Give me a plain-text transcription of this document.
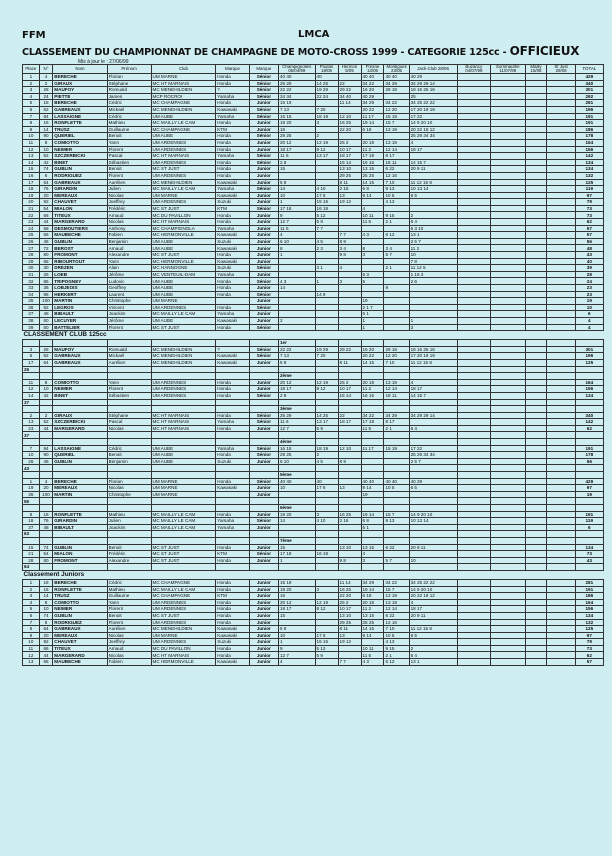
FFM	LMCA
CLASSEMENT DU CHAMPIONNAT DE CHAMPAGNE DE MOTO-CROSS 1999 - CATEGORIE 125cc - OFFICIEUX
Mis à jour le : 27/06/99
Place	N°	Nom	Prénom	Club	Marque	Marque	Champignolles 05/04/99	Poulan 18/05	Hermon 5/05	Fresne 13/05	Montigueil 23/05	Jack-Club 28/06	Buzancy 04/07/99	Sommauthe 11/07/99	Mailly 15/08	St Just 29/08	TOTAL
1	4	BERECHE	Florian	UM MARNE	Honda	Sénior	40 40	40		40 40	40 40	40 29					429
2	2	GIRAUX	Stéphane	MC HT MARNAIS	Honda	Sénior	25 29	14 25	22	34 22	34 29	34 29 29 14					340
3	28	MAUFOY	Romuald	MC MENEHILDIEN	?	Sénior	22 22	19 29	29 22	16 20	29 18	18 16 25 16					301
4	24	PIETTE	James	MCP ROCROI	Yamaha	Sénior	34 34	22 34	34 40	40 29		25					292
5	18	BERECHE	Cédric	MC CHAMPAGNE	Honda	Junior	15 19		11 14	34 29	34 22	34 25 22 22					281
6	62	GABREAUX	Mickaël	MC MENEHILDIEN	Kawasaki	Sénior	7 13	7 20		20 22	12 20	17 20 19 19					196
7	84	LASSAIGNE	Cédric	UM AUBE	Yamaha	Sénior	16 15	18 19	12 10	11 17	15 19	17 22					191
8	16	RONFLETTE	Mathieu	MC MAILLY LE CAM	Honda	Junior	19 20	3	16 25	19 14	15 7	14 9 20 10					191
9	14	TRUSZ	Guillaume	MC CHAMPAGNE	KTM	Junior	16		22 20	6 18	13 19	20 22 18 12					186
10	90	QUERIEL	Benoit	UM AUBE	Honda	Sénior	29 25	2				25 29 34 34					178
11	8	COMIOTTO	Yann	UM ARDENNES	Honda	Junior	20 12	12 19	25 2	20 18	13 19	4					164
12	10	NEIMER	Florent	UM ARDENNES	Honda	Junior	18 17	8 12	10 17	11 2	12 14	18 17					156
13	52	SZCZERBICKI	Pascal	MC HT MARNAIS	Yamaha	Sénior	11 6	13 17	18 17	17 18	8 17						142
14	42	BINET	Sébastien	UM ARDENNES	Honda	Sénior	2 8		15 14	16 16	18 11	14 15 7					134
15	74	GUBLIN	Benoit	MC ST JUST	Honda	Junior	15		13 10	13 15	6 22	20 9 11					134
16	6	RODRIGUEZ	Florent	UM ARDENNES	Honda	Junior			29 25	25 25	12 16						132
17	64	GABREAUX	Aurélien	MC MENEHILDIEN	Kawasaki	Junior	5 9		8 11	14 15	7 10	11 12 15 8					125
18	76	GIRARDIN	Julien	MC MAILLY LE CAM	Yamaha	Sénior	14	4 10	2 16	6 8	9 13	10 13 14					119
19	20	MEREAUX	Nicolas	UM MARNE	Kawasaki	Junior	10	17 6	13	9 14	10 5	6 5					97
20	92	CHAUVET	Joeffrey	UM ARDENNES	Suzuki	Junior	1	15 15	19 12		4 13						79
21	54	MIALON	Frédéric	MC ST JUST	KTM	Sénior	17 18	16 18		4							73
22	66	TITEUX	Arnaud	MC DU PAVILLON	Honda	Junior	9	5 12		10 11	9 15	2					73
23	44	MARGERARD	Nicolas	MC HT MARNAIS	Honda	Junior	12 7	5 9		11 5	2 1	6 4					62
24	58	DESMOUTIERS	Anthony	MC CHAMPIGNOLA	Yamaha	Junior	11 5	7 7				6 3 10					57
25	56	MAUBECHE	Fabien	MC HERMONVILLE	Kawasaki	Junior	4		7 7	4 3	6 12	13 1					57
26	46	GUBLIN	Benjamin	UM AUBE	Suzuki	Junior	6 10	4 5	8 9			2 5 7					56
27	72	BEROST	Arnaud	UM AUBE	Kawasaki	Junior	8	2 3	3 4	8	3 4	11 2					48
28	80	FROMONT	Alexandre	MC ST JUST	Honda	Junior	1		9 8	3	5 7	10					43
29	68	RIBOURTOUT	Yann	MC HERMONVILLE	Kawasaki	Junior						7 8					40
30	30	DREZEN	Alain	MC HANNOGNE	Suzuki	Sénior		3 1	4		2 1	11 12 5					39
31	26	LOEB	Jérôme	MC VENTEUIL-DAM	Yamaha	Junior				5 3		1 16 3					28
32	86	TRIPOGNEY	Ludovic	UM AUBE	Honda	Sénior	4 3	1	3	5		2 6					24
33	36	LOBJEOIS	Geoffrey	UM AUBE	Honda	Junior	14				9						23
34	96	HERKERT	Laurent	UM AUBE	Honda	Sénior		14 9									23
35	100	MARTIN	Christophe	UM MARNE		Junior				19							19
36	82	LEGROS	Vincent	UM ARDENNES	Honda	Sénior				2 1 7							10
37	48	BIBAULT	Joackim	MC MAILLY LE CAM	Yamaha	Junior				5 1							6
38	60	LECUYER	Jérôme	UM AUBE	Kawasaki	Junior	2			1		1					4
39	50	BATTELIER	Florent	MC ST JUST	Honda	Sénior				1		3					4
CLASSEMENT CLUB 125cc																	
							1er										
3	28	MAUFOY	Romuald	MC MENEHILDIEN	?	Sénior	22 22	19 29	29 22	16 20	29 18	18 16 25 16					301
6	62	GABREAUX	Mickaël	MC MENEHILDIEN	Kawasaki	Sénior	7 13	7 20		20 22	12 20	17 20 19 19					196
17	64	GABREAUX	Aurélien	MC MENEHILDIEN	Kawasaki	Junior	5 9		8 11	14 15	7 10	11 12 15 8					125
26																	
							2ème										
11	8	COMIOTTO	Yann	UM ARDENNES	Honda	Junior	20 12	12 19	25 2	20 18	13 19	4					164
12	10	NEIMER	Florent	UM ARDENNES	Honda	Junior	18 17	8 12	10 17	11 2	12 14	18 17					156
14	42	BINET	Sébastien	UM ARDENNES	Honda	Sénior	2 8		15 14	16 16	18 11	14 15 7					134
37																	
							3ème										
2	2	GIRAUX	Stéphane	MC HT MARNAIS	Honda	Sénior	25 29	14 25	22	34 22	34 29	34 29 29 14					340
13	52	SZCZERBICKI	Pascal	MC HT MARNAIS	Yamaha	Sénior	11 6	13 17	18 17	17 18	8 17						142
23	44	MARGERARD	Nicolas	MC HT MARNAIS	Honda	Junior	12 7	5 9		11 5	2 1	6 4					62
37																	
							4ème										
7	84	LASSAIGNE	Cédric	UM AUBE	Yamaha	Sénior	16 15	18 19	12 10	11 17	15 19	17 22					191
10	90	QUERIEL	Benoit	UM AUBE	Honda	Sénior	29 25	2				25 29 34 34					178
26	46	GUBLIN	Benjamin	UM AUBE	Suzuki	Junior	6 10	4 5	8 9			2 5 7					56
43																	
							5ème										
1	4	BERECHE	Florian	UM MARNE	Honda	Sénior	40 40	40		40 40	40 40	40 29					429
19	20	MEREAUX	Nicolas	UM MARNE	Kawasaki	Junior	10	17 6	13	9 14	10 5	6 5					97
35	100	MARTIN	Christophe	UM MARNE		Junior				19							19
55																	
							6ème										
8	16	RONFLETTE	Mathieu	MC MAILLY LE CAM	Honda	Junior	19 20	3	16 25	19 14	15 7	14 9 20 10					191
18	76	GIRARDIN	Julien	MC MAILLY LE CAM	Yamaha	Sénior	14	4 10	2 16	6 8	9 13	10 13 14					119
37	48	BIBAULT	Joackim	MC MAILLY LE CAM	Yamaha	Junior				5 1							6
63																	
							7ème										
15	74	GUBLIN	Benoit	MC ST JUST	Honda	Junior	15		13 10	13 15	6 22	20 9 11					134
21	54	MIALON	Frédéric	MC ST JUST	KTM	Sénior	17 18	16 18		4							73
28	80	FROMONT	Alexandre	MC ST JUST	Honda	Junior	1		9 8	3	5 7	10					43
64																	
Classement Juniors																	
1	18	BERECHE	Cédric	MC CHAMPAGNE	Honda	Junior	15 19		11 14	34 29	34 22	34 25 22 22					281
2	16	RONFLETTE	Mathieu	MC MAILLY LE CAM	Honda	Junior	19 20	3	16 25	19 14	15 7	14 9 20 10					191
3	14	TRUSZ	Guillaume	MC CHAMPAGNE	KTM	Junior	16		22 20	6 18	13 19	20 22 18 12					186
4	8	COMIOTTO	Yann	UM ARDENNES	Honda	Junior	20 12	12 19	25 2	20 18	13 19	4					164
5	10	NEIMER	Florent	UM ARDENNES	Honda	Junior	18 17	8 12	10 17	11 2	12 14	18 17					156
6	74	GUBLIN	Benoit	MC ST JUST	Honda	Junior	15		13 10	13 15	6 22	20 9 11					134
7	6	RODRIGUEZ	Florent	UM ARDENNES	Honda	Junior			29 25	25 25	12 16						132
8	64	GABREAUX	Aurélien	MC MENEHILDIEN	Kawasaki	Junior	5 9		8 11	14 15	7 10	11 12 15 8					125
9	20	MEREAUX	Nicolas	UM MARNE	Kawasaki	Junior	10	17 6	13	9 14	10 5	6 5					97
10	92	CHAUVET	Joeffrey	UM ARDENNES	Suzuki	Junior	1	15 15	19 12		4 13						79
11	66	TITEUX	Arnaud	MC DU PAVILLON	Honda	Junior	9	5 12		10 11	9 15	2					73
12	44	MARGERARD	Nicolas	MC HT MARNAIS	Honda	Junior	12 7	5 9		11 5	2 1	6 4					62
13	56	MAUBECHE	Fabien	MC HERMONVILLE	Kawasaki	Junior	4		7 7	4 3	6 12	13 1					57
